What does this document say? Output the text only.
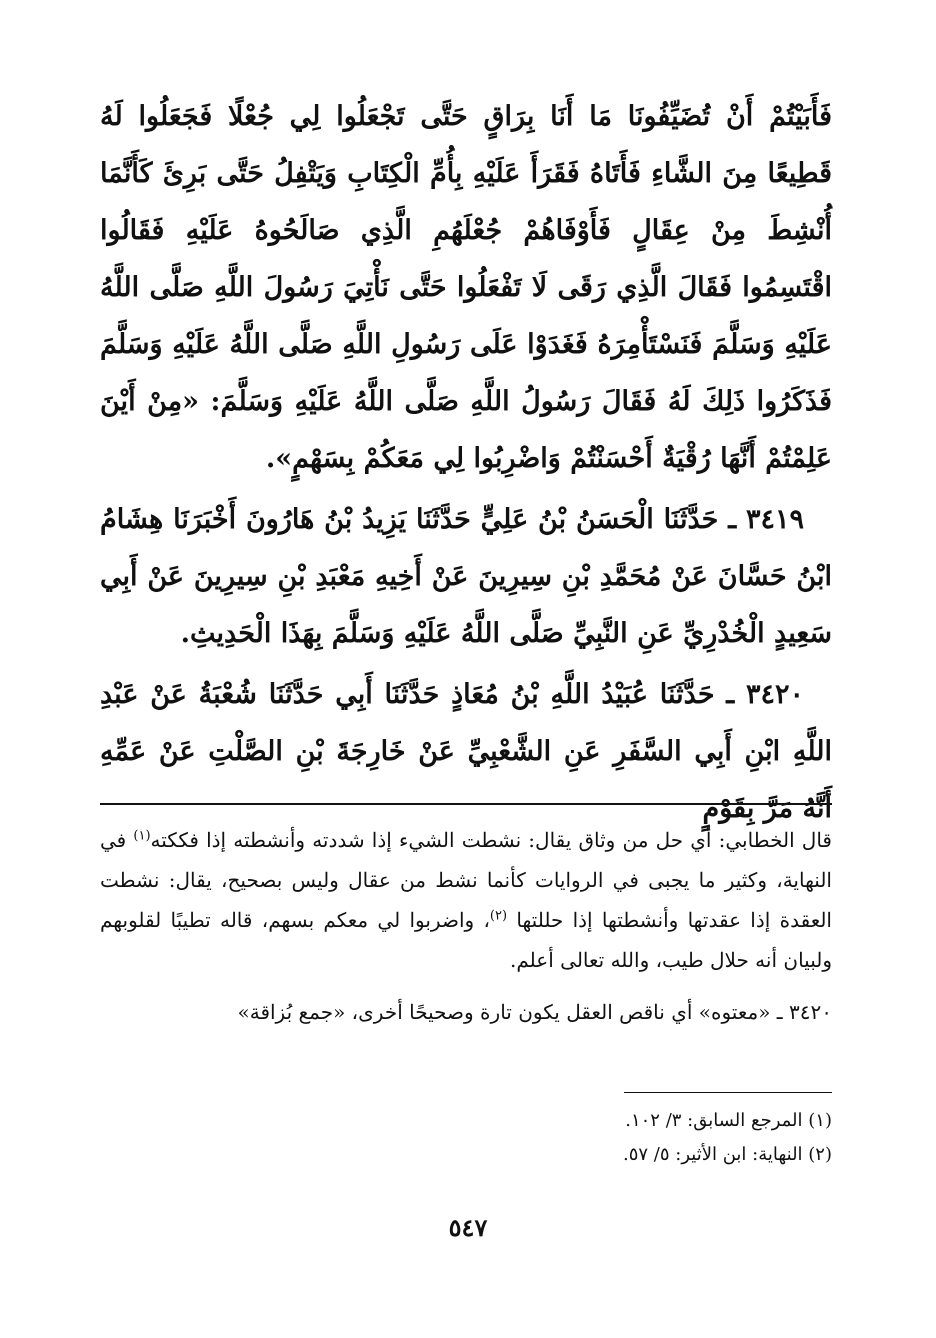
فَأَبَيْتُمْ أَنْ تُضَيِّفُونَا مَا أَنَا بِرَاقٍ حَتَّى تَجْعَلُوا لِي جُعْلًا فَجَعَلُوا لَهُ قَطِيعًا مِنَ الشَّاءِ فَأَتَاهُ فَقَرَأَ عَلَيْهِ بِأُمِّ الْكِتَابِ وَيَتْفِلُ حَتَّى بَرِئَ كَأَنَّمَا أُنْشِطَ مِنْ عِقَالٍ فَأَوْفَاهُمْ جُعْلَهُمِ الَّذِي صَالَحُوهُ عَلَيْهِ فَقَالُوا اقْتَسِمُوا فَقَالَ الَّذِي رَقَى لَا تَفْعَلُوا حَتَّى نَأْتِيَ رَسُولَ اللَّهِ صَلَّى اللَّهُ عَلَيْهِ وَسَلَّمَ فَنَسْتَأْمِرَهُ فَغَدَوْا عَلَى رَسُولِ اللَّهِ صَلَّى اللَّهُ عَلَيْهِ وَسَلَّمَ فَذَكَرُوا ذَلِكَ لَهُ فَقَالَ رَسُولُ اللَّهِ صَلَّى اللَّهُ عَلَيْهِ وَسَلَّمَ: «مِنْ أَيْنَ عَلِمْتُمْ أَنَّهَا رُقْيَةٌ أَحْسَنْتُمْ وَاضْرِبُوا لِي مَعَكُمْ بِسَهْمٍ».

٣٤١٩ ـ حَدَّثَنَا الْحَسَنُ بْنُ عَلِيٍّ حَدَّثَنَا يَزِيدُ بْنُ هَارُونَ أَخْبَرَنَا هِشَامُ ابْنُ حَسَّانَ عَنْ مُحَمَّدِ بْنِ سِيرِينَ عَنْ أَخِيهِ مَعْبَدِ بْنِ سِيرِينَ عَنْ أَبِي سَعِيدٍ الْخُدْرِيِّ عَنِ النَّبِيِّ صَلَّى اللَّهُ عَلَيْهِ وَسَلَّمَ بِهَذَا الْحَدِيثِ.

٣٤٢٠ ـ حَدَّثَنَا عُبَيْدُ اللَّهِ بْنُ مُعَاذٍ حَدَّثَنَا أَبِي حَدَّثَنَا شُعْبَةُ عَنْ عَبْدِ اللَّهِ ابْنِ أَبِي السَّفَرِ عَنِ الشَّعْبِيِّ عَنْ خَارِجَةَ بْنِ الصَّلْتِ عَنْ عَمِّهِ أَنَّهُ مَرَّ بِقَوْمٍ

قال الخطابي: أي حل من وثاق يقال: نشطت الشيء إذا شددته وأنشطته إذا فككته$^{(١)}$ في النهاية، وكثير ما يجبى في الروايات كأنما نشط من عقال وليس بصحيح، يقال: نشطت العقدة إذا عقدتها وأنشطتها إذا حللتها $^{(٢)}$، واضربوا لي معكم بسهم، قاله تطيبًا لقلوبهم ولبيان أنه حلال طيب، والله تعالى أعلم.

٣٤٢٠ ـ «معتوه» أي ناقص العقل يكون تارة وصحيحًا أخرى، «جمع بُزاقة»

(١) المرجع السابق: ٣/ ١٠٢.

(٢) النهاية: ابن الأثير: ٥/ ٥٧.

٥٤٧
